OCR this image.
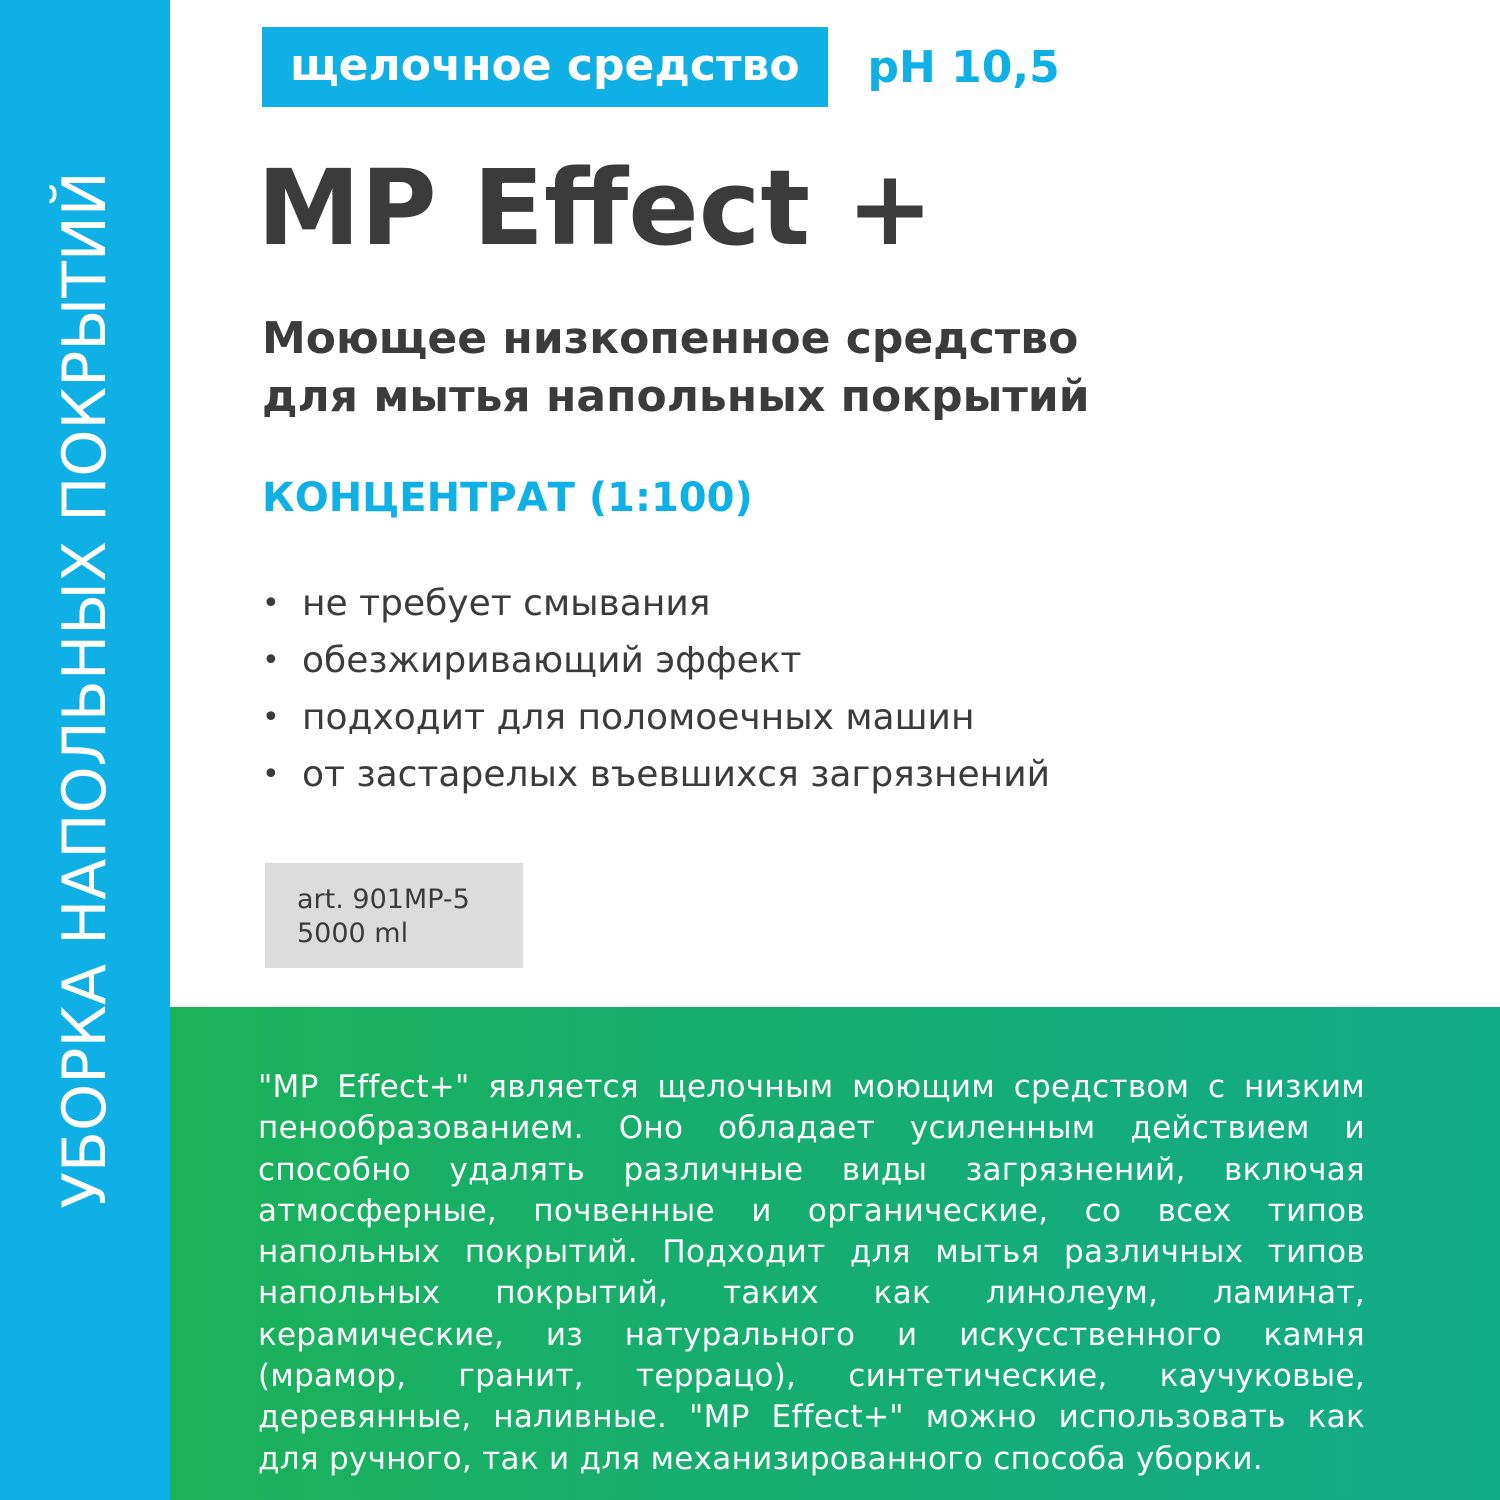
УБОРКА НАПОЛЬНЫХ ПОКРЫТИЙ
щелочное средство	pH 10,5
MP Effect +
Моющее низкопенное средство
для мытья напольных покрытий
КОНЦЕНТРАТ (1:100)
• не требует смывания
• обезжиривающий эффект
• подходит для поломоечных машин
• от застарелых въевшихся загрязнений
art. 901MP-5
5000 ml

"MP Effect+" является щелочным моющим средством с низким пенообразованием. Оно обладает усиленным действием и способно удалять различные виды загрязнений, включая атмосферные, почвенные и органические, со всех типов напольных покрытий. Подходит для мытья различных типов напольных покрытий, таких как линолеум, ламинат, керамические, из натурального и искусственного камня (мрамор, гранит, террацо), синтетические, каучуковые, деревянные, наливные. "MP Effect+" можно использовать как для ручного, так и для механизированного способа уборки.
